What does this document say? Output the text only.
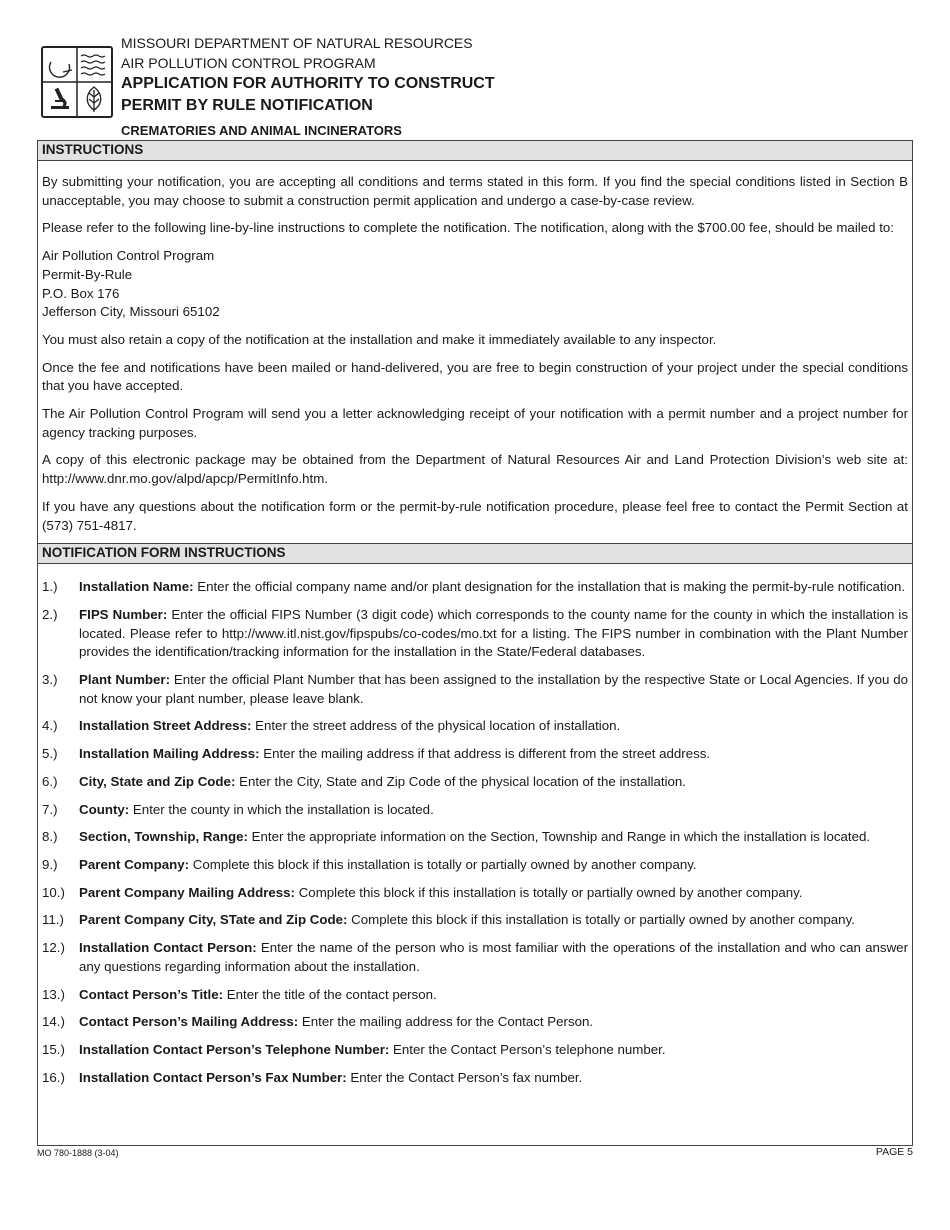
MISSOURI DEPARTMENT OF NATURAL RESOURCES
AIR POLLUTION CONTROL PROGRAM
APPLICATION FOR AUTHORITY TO CONSTRUCT
PERMIT BY RULE NOTIFICATION
CREMATORIES AND ANIMAL INCINERATORS
INSTRUCTIONS

By submitting your notification, you are accepting all conditions and terms stated in this form. If you find the special conditions listed in Section B unacceptable, you may choose to submit a construction permit application and undergo a case-by-case review.

Please refer to the following line-by-line instructions to complete the notification. The notification, along with the $700.00 fee, should be mailed to:

Air Pollution Control Program
Permit-By-Rule
P.O. Box 176
Jefferson City, Missouri 65102

You must also retain a copy of the notification at the installation and make it immediately available to any inspector.

Once the fee and notifications have been mailed or hand-delivered, you are free to begin construction of your project under the special conditions that you have accepted.

The Air Pollution Control Program will send you a letter acknowledging receipt of your notification with a permit number and a project number for agency tracking purposes.

A copy of this electronic package may be obtained from the Department of Natural Resources Air and Land Protection Division’s web site at: http://www.dnr.mo.gov/alpd/apcp/PermitInfo.htm.

If you have any questions about the notification form or the permit-by-rule notification procedure, please feel free to contact the Permit Section at (573) 751-4817.

NOTIFICATION FORM INSTRUCTIONS
1.)	Installation Name: Enter the official company name and/or plant designation for the installation that is making the permit-by-rule notification.
2.)	FIPS Number: Enter the official FIPS Number (3 digit code) which corresponds to the county name for the county in which the installation is located. Please refer to http://www.itl.nist.gov/fipspubs/co-codes/mo.txt for a listing. The FIPS number in combination with the Plant Number provides the identification/tracking information for the installation in the State/Federal databases.
3.)	Plant Number: Enter the official Plant Number that has been assigned to the installation by the respective State or Local Agencies. If you do not know your plant number, please leave blank.
4.)	Installation Street Address: Enter the street address of the physical location of installation.
5.)	Installation Mailing Address: Enter the mailing address if that address is different from the street address.
6.)	City, State and Zip Code: Enter the City, State and Zip Code of the physical location of the installation.
7.)	County: Enter the county in which the installation is located.
8.)	Section, Township, Range: Enter the appropriate information on the Section, Township and Range in which the installation is located.
9.)	Parent Company: Complete this block if this installation is totally or partially owned by another company.
10.)	Parent Company Mailing Address: Complete this block if this installation is totally or partially owned by another company.
11.)	Parent Company City, STate and Zip Code: Complete this block if this installation is totally or partially owned by another company.
12.)	Installation Contact Person: Enter the name of the person who is most familiar with the operations of the installation and who can answer any questions regarding information about the installation.
13.)	Contact Person’s Title: Enter the title of the contact person.
14.)	Contact Person’s Mailing Address: Enter the mailing address for the Contact Person.
15.)	Installation Contact Person’s Telephone Number: Enter the Contact Person’s telephone number.
16.)	Installation Contact Person’s Fax Number: Enter the Contact Person’s fax number.
MO 780-1888 (3-04)	PAGE 5
